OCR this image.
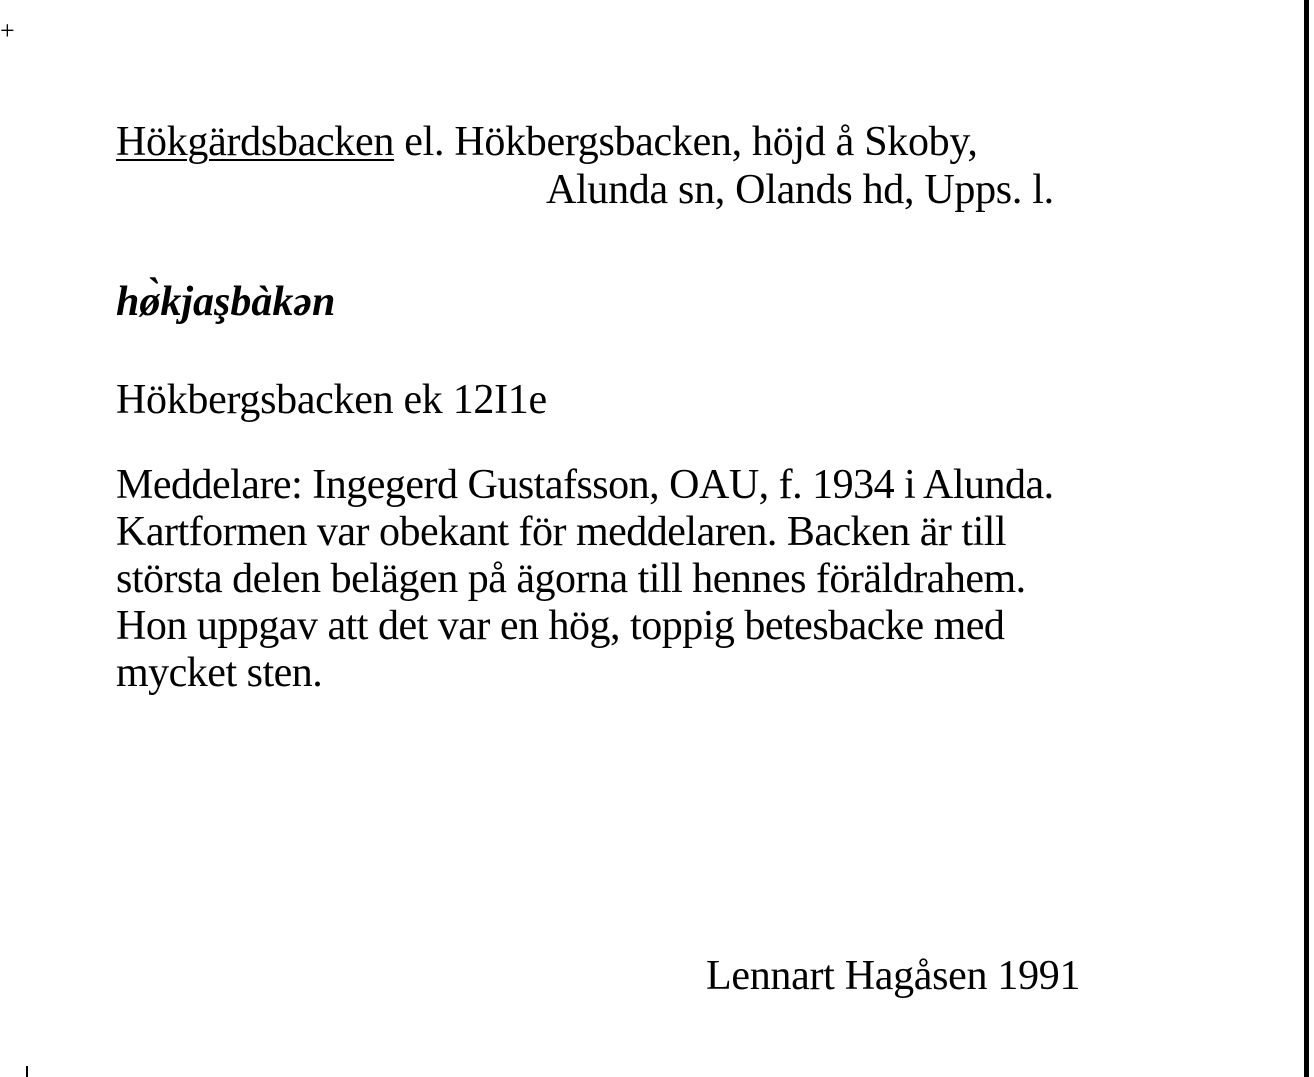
+
Hökgärdsbacken el. Hökbergsbacken, höjd å Skoby,
Alunda sn, Olands hd, Upps. l.
hø̀kjaşbàkən
Hökbergsbacken ek 12I1e
Meddelare: Ingegerd Gustafsson, OAU, f. 1934 i Alunda.
Kartformen var obekant för meddelaren. Backen är till
största delen belägen på ägorna till hennes föräldrahem.
Hon uppgav att det var en hög, toppig betesbacke med
mycket sten.
Lennart Hagåsen 1991
